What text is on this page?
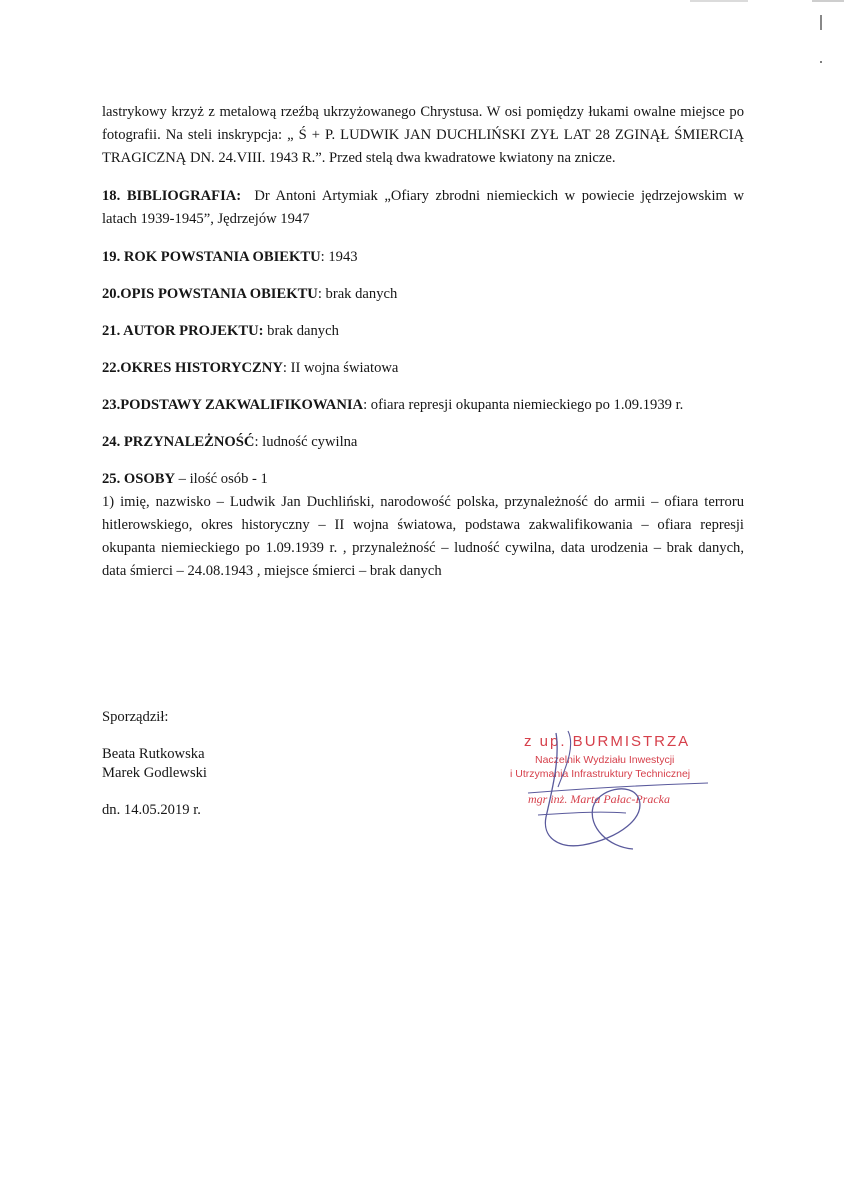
lastrykowy krzyż z metalową rzeźbą ukrzyżowanego Chrystusa. W osi pomiędzy łukami owalne miejsce po fotografii. Na steli inskrypcja: „ Ś + P. LUDWIK JAN DUCHLIŃSKI ZYŁ LAT 28 ZGINĄŁ ŚMIERCIĄ TRAGICZNĄ DN. 24.VIII. 1943 R.”. Przed stelą dwa kwadratowe kwiatony na znicze.

18. BIBLIOGRAFIA: Dr Antoni Artymiak „Ofiary zbrodni niemieckich w powiecie jędrzejowskim w latach 1939-1945”, Jędrzejów 1947

19. ROK POWSTANIA OBIEKTU: 1943

20.OPIS POWSTANIA OBIEKTU: brak danych

21. AUTOR PROJEKTU: brak danych

22.OKRES HISTORYCZNY: II wojna światowa

23.PODSTAWY ZAKWALIFIKOWANIA: ofiara represji okupanta niemieckiego po 1.09.1939 r.

24. PRZYNALEŻNOŚĆ: ludność cywilna

25. OSOBY – ilość osób - 1

1) imię, nazwisko – Ludwik Jan Duchliński, narodowość polska, przynależność do armii – ofiara terroru hitlerowskiego, okres historyczny – II wojna światowa, podstawa zakwalifikowania – ofiara represji okupanta niemieckiego po 1.09.1939 r. , przynależność – ludność cywilna, data urodzenia – brak danych, data śmierci – 24.08.1943 , miejsce śmierci – brak danych

Sporządził:
Beata Rutkowska
Marek Godlewski
dn. 14.05.2019 r.
z up. BURMISTRZA
Naczelnik Wydziału Inwestycji
i Utrzymania Infrastruktury Technicznej
mgr inż. Marta Pałac-Pracka
